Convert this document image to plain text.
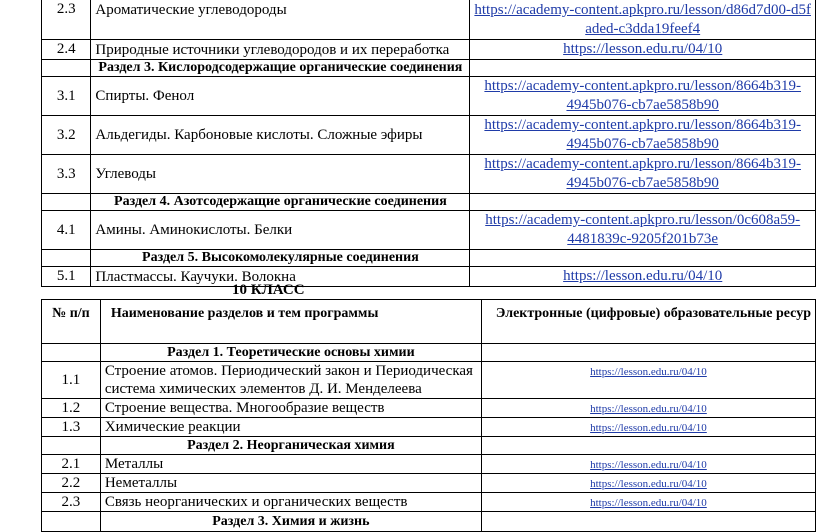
2.3	Ароматические углеводороды	https://academy-content.apkpro.ru/lesson/d86d7d00-d5f
aded-c3dda19feef4
2.4	Природные источники углеводородов и их переработка	https://lesson.edu.ru/04/10
	Раздел 3. Кислородсодержащие органические соединения	
3.1	Спирты. Фенол	https://academy-content.apkpro.ru/lesson/8664b319-
4945b076-cb7ae5858b90
3.2	Альдегиды. Карбоновые кислоты. Сложные эфиры	https://academy-content.apkpro.ru/lesson/8664b319-
4945b076-cb7ae5858b90
3.3	Углеводы	https://academy-content.apkpro.ru/lesson/8664b319-
4945b076-cb7ae5858b90
	Раздел 4. Азотсодержащие органические соединения	
4.1	Амины. Аминокислоты. Белки	https://academy-content.apkpro.ru/lesson/0c608a59-
4481839c-9205f201b73e
	Раздел 5. Высокомолекулярные соединения	
5.1	Пластмассы. Каучуки. Волокна	https://lesson.edu.ru/04/10
10 КЛАСС
№ п/п	Наименование разделов и тем программы	Электронные (цифровые) образовательные ресур
	Раздел 1. Теоретические основы химии	
1.1	Строение атомов. Периодический закон и Периодическая
система химических элементов Д. И. Менделеева	https://lesson.edu.ru/04/10
1.2	Строение вещества. Многообразие веществ	https://lesson.edu.ru/04/10
1.3	Химические реакции	https://lesson.edu.ru/04/10
	Раздел 2. Неорганическая химия	
2.1	Металлы	https://lesson.edu.ru/04/10
2.2	Неметаллы	https://lesson.edu.ru/04/10
2.3	Связь неорганических и органических веществ	https://lesson.edu.ru/04/10
	Раздел 3. Химия и жизнь	
